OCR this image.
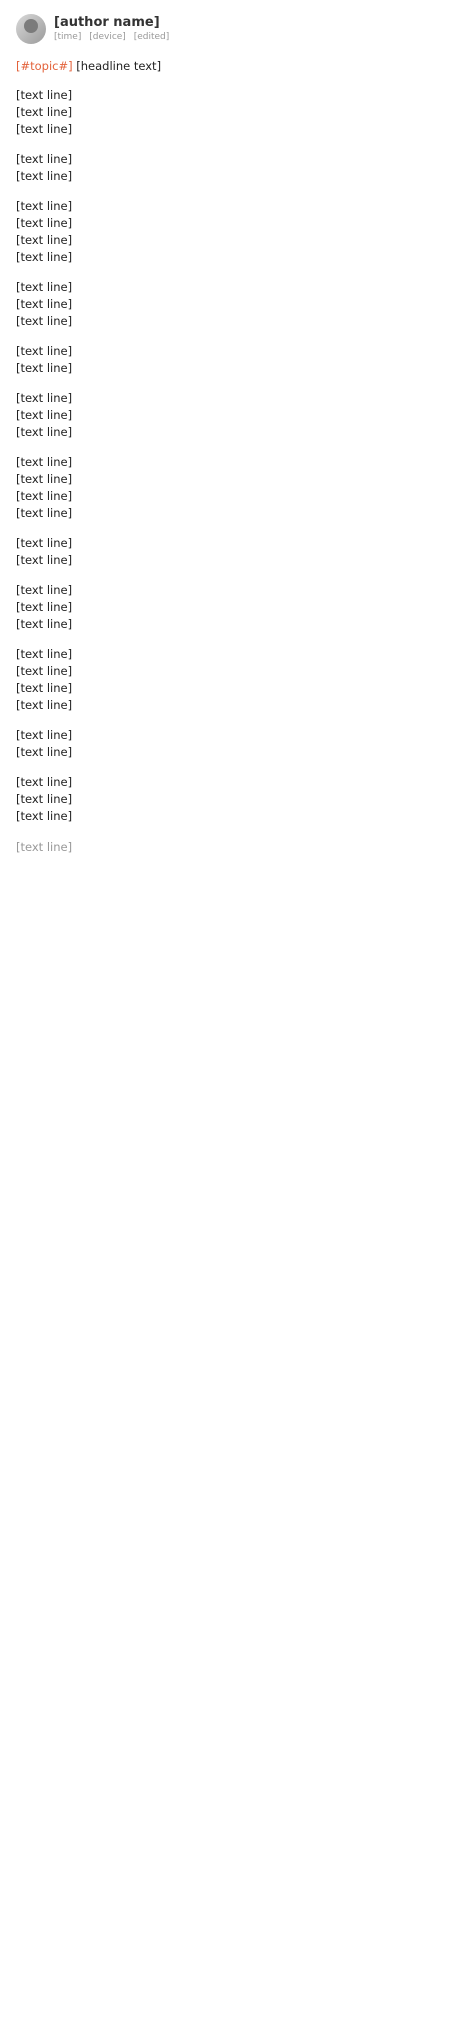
[author name]
[time] [device] [edited]
[#topic#] [headline text]

[text line]

[text line]

[text line]

[text line]

[text line]

[text line]

[text line]

[text line]

[text line]

[text line]

[text line]

[text line]

[text line]

[text line]

[text line]

[text line]

[text line]

[text line]

[text line]

[text line]

[text line]

[text line]

[text line]

[text line]

[text line]

[text line]

[text line]

[text line]

[text line]

[text line]

[text line]

[text line]

[text line]

[text line]

[text line]

[text line]
